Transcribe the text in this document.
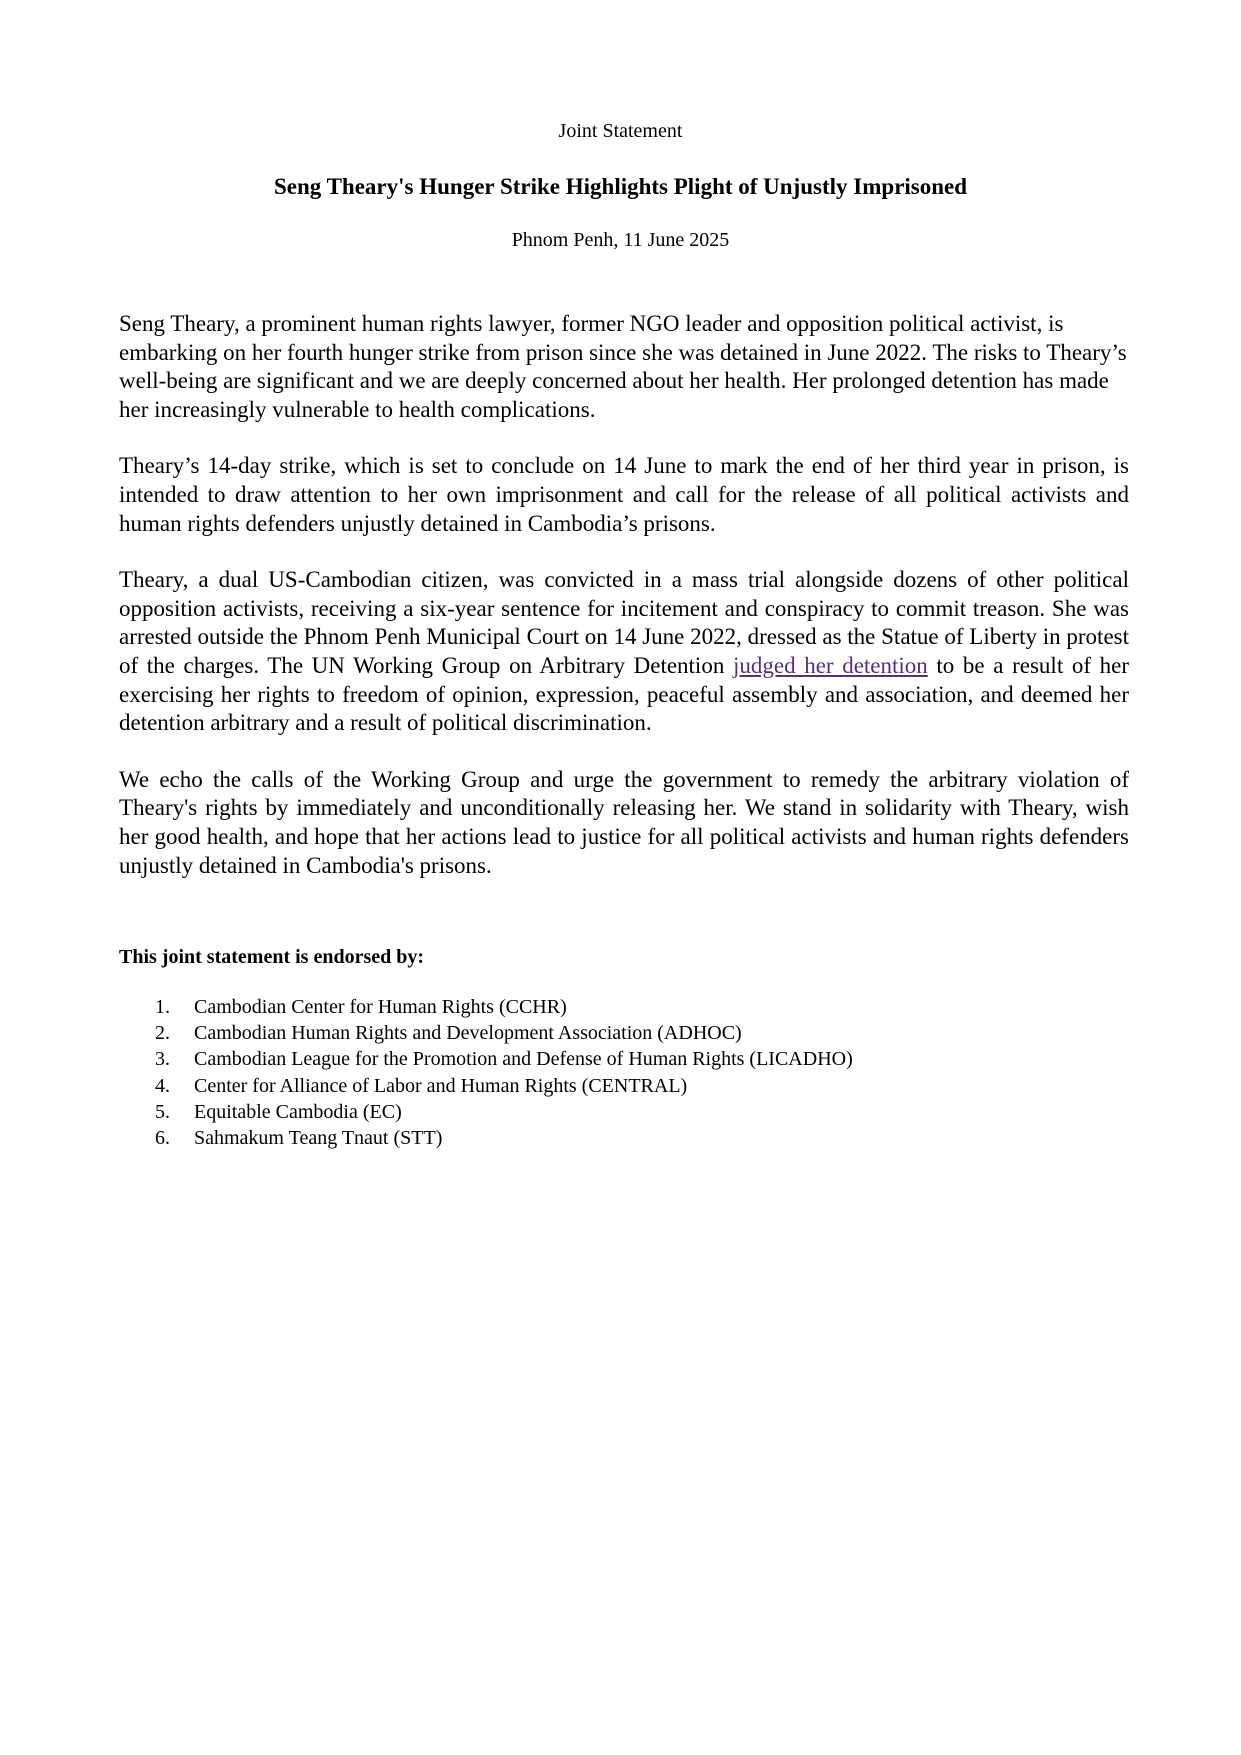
Joint Statement

Seng Theary's Hunger Strike Highlights Plight of Unjustly Imprisoned

Phnom Penh, 11 June 2025

Seng Theary, a prominent human rights lawyer, former NGO leader and opposition political activist, is embarking on her fourth hunger strike from prison since she was detained in June 2022. The risks to Theary’s well-being are significant and we are deeply concerned about her health. Her prolonged detention has made her increasingly vulnerable to health complications.

Theary’s 14-day strike, which is set to conclude on 14 June to mark the end of her third year in prison, is intended to draw attention to her own imprisonment and call for the release of all political activists and human rights defenders unjustly detained in Cambodia’s prisons.

Theary, a dual US-Cambodian citizen, was convicted in a mass trial alongside dozens of other political opposition activists, receiving a six-year sentence for incitement and conspiracy to commit treason. She was arrested outside the Phnom Penh Municipal Court on 14 June 2022, dressed as the Statue of Liberty in protest of the charges. The UN Working Group on Arbitrary Detention judged her detention to be a result of her exercising her rights to freedom of opinion, expression, peaceful assembly and association, and deemed her detention arbitrary and a result of political discrimination.

We echo the calls of the Working Group and urge the government to remedy the arbitrary violation of Theary's rights by immediately and unconditionally releasing her. We stand in solidarity with Theary, wish her good health, and hope that her actions lead to justice for all political activists and human rights defenders unjustly detained in Cambodia's prisons.

This joint statement is endorsed by:

1. Cambodian Center for Human Rights (CCHR)
2. Cambodian Human Rights and Development Association (ADHOC)
3. Cambodian League for the Promotion and Defense of Human Rights (LICADHO)
4. Center for Alliance of Labor and Human Rights (CENTRAL)
5. Equitable Cambodia (EC)
6. Sahmakum Teang Tnaut (STT)
